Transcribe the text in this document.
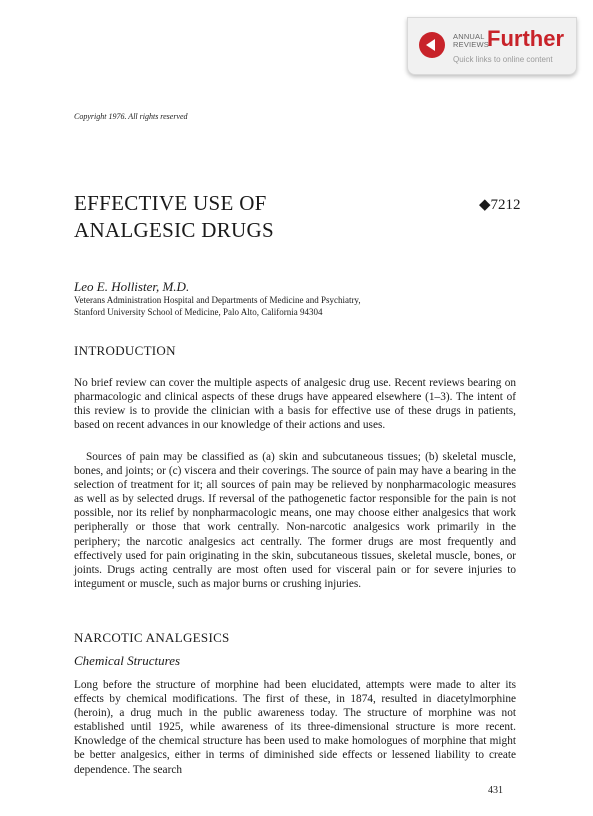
ANNUAL
REVIEWS
Further
Quick links to online content
Copyright 1976. All rights reserved
EFFECTIVE USE OF ANALGESIC DRUGS
◆7212
Leo E. Hollister, M.D.
Veterans Administration Hospital and Departments of Medicine and Psychiatry,
Stanford University School of Medicine, Palo Alto, California 94304
INTRODUCTION

No brief review can cover the multiple aspects of analgesic drug use. Recent reviews bearing on pharmacologic and clinical aspects of these drugs have appeared elsewhere (1–3). The intent of this review is to provide the clinician with a basis for effective use of these drugs in patients, based on recent advances in our knowledge of their actions and uses.

Sources of pain may be classified as (a) skin and subcutaneous tissues; (b) skeletal muscle, bones, and joints; or (c) viscera and their coverings. The source of pain may have a bearing in the selection of treatment for it; all sources of pain may be relieved by nonpharmacologic measures as well as by selected drugs. If reversal of the pathogenetic factor responsible for the pain is not possible, nor its relief by nonpharmacologic means, one may choose either analgesics that work peripherally or those that work centrally. Non-narcotic analgesics work primarily in the periphery; the narcotic analgesics act centrally. The former drugs are most frequently and effectively used for pain originating in the skin, subcutaneous tissues, skeletal muscle, bones, or joints. Drugs acting centrally are most often used for visceral pain or for severe injuries to integument or muscle, such as major burns or crushing injuries.

NARCOTIC ANALGESICS
Chemical Structures

Long before the structure of morphine had been elucidated, attempts were made to alter its effects by chemical modifications. The first of these, in 1874, resulted in diacetylmorphine (heroin), a drug much in the public awareness today. The structure of morphine was not established until 1925, while awareness of its three-dimensional structure is more recent. Knowledge of the chemical structure has been used to make homologues of morphine that might be better analgesics, either in terms of diminished side effects or lessened liability to create dependence. The search

431
